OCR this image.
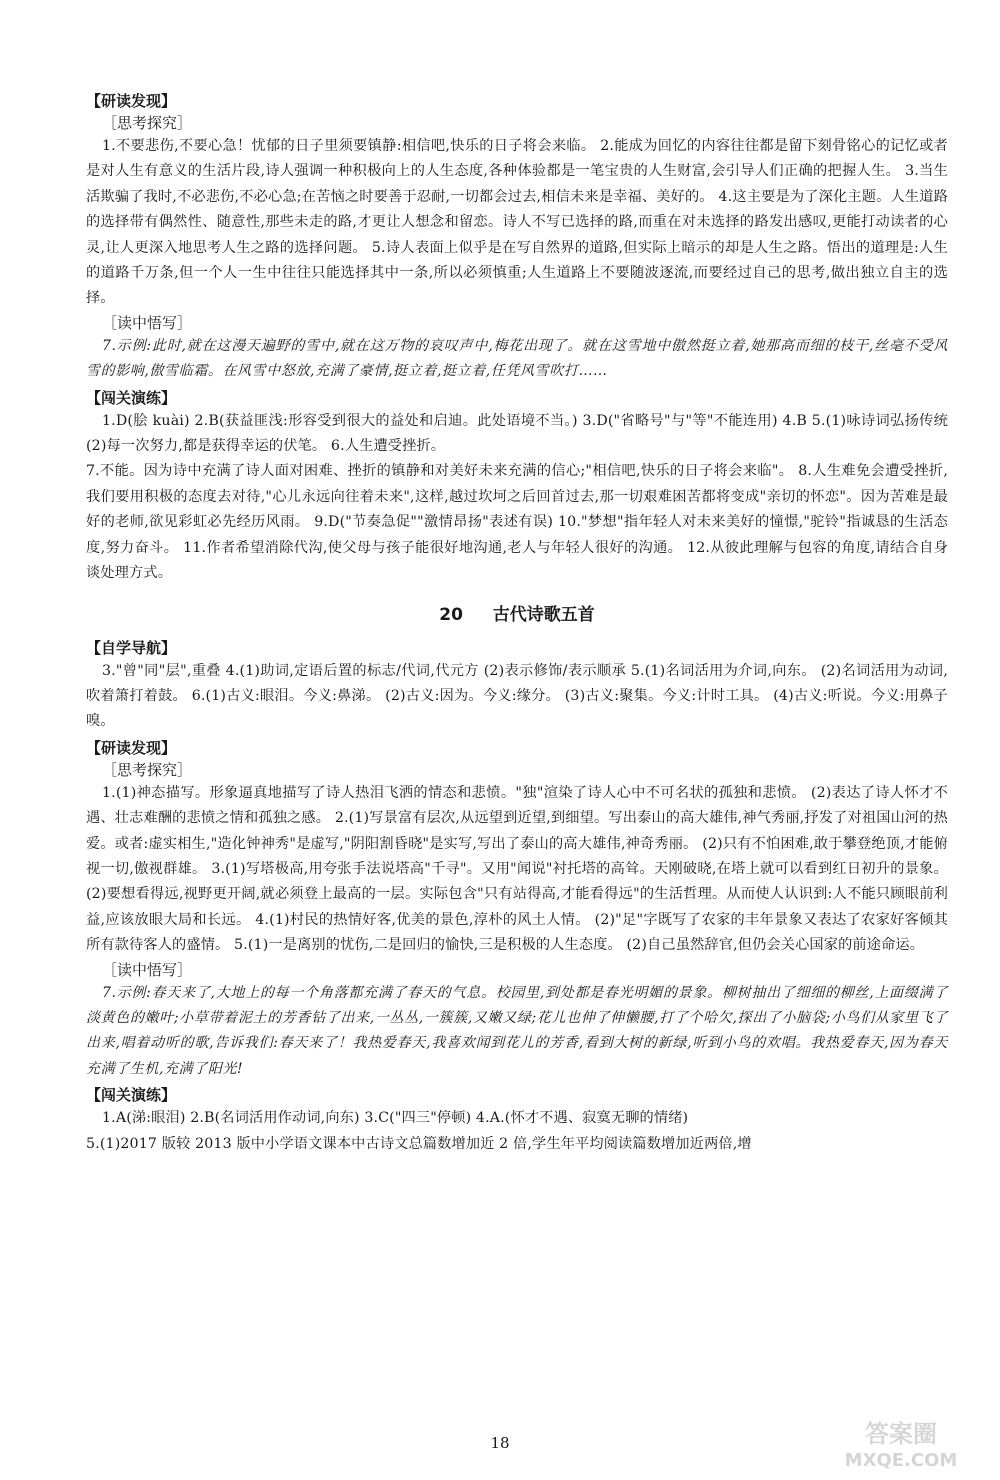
【研读发现】

［思考探究］

1.不要悲伤,不要心急！忧郁的日子里须要镇静:相信吧,快乐的日子将会来临。 2.能成为回忆的内容往往都是留下刻骨铭心的记忆或者是对人生有意义的生活片段,诗人强调一种积极向上的人生态度,各种体验都是一笔宝贵的人生财富,会引导人们正确的把握人生。 3.当生活欺骗了我时,不必悲伤,不必心急;在苦恼之时要善于忍耐,一切都会过去,相信未来是幸福、美好的。 4.这主要是为了深化主题。人生道路的选择带有偶然性、随意性,那些未走的路,才更让人想念和留恋。诗人不写已选择的路,而重在对未选择的路发出感叹,更能打动读者的心灵,让人更深入地思考人生之路的选择问题。 5.诗人表面上似乎是在写自然界的道路,但实际上暗示的却是人生之路。悟出的道理是:人生的道路千万条,但一个人一生中往往只能选择其中一条,所以必须慎重;人生道路上不要随波逐流,而要经过自己的思考,做出独立自主的选择。

［读中悟写］

7.示例:此时,就在这漫天遍野的雪中,就在这万物的哀叹声中,梅花出现了。就在这雪地中傲然挺立着,她那高而细的枝干,丝毫不受风雪的影响,傲雪临霜。在风雪中怒放,充满了豪情,挺立着,挺立着,任凭风雪吹打……

【闯关演练】

1.D(脍 kuài) 2.B(获益匪浅:形容受到很大的益处和启迪。此处语境不当。) 3.D("省略号"与"等"不能连用) 4.B 5.(1)咏诗词弘扬传统 (2)每一次努力,都是获得幸运的伏笔。 6.人生遭受挫折。

7.不能。因为诗中充满了诗人面对困难、挫折的镇静和对美好未来充满的信心;"相信吧,快乐的日子将会来临"。 8.人生难免会遭受挫折,我们要用积极的态度去对待,"心儿永远向往着未来",这样,越过坎坷之后回首过去,那一切艰难困苦都将变成"亲切的怀恋"。因为苦难是最好的老师,欲见彩虹必先经历风雨。 9.D("节奏急促""激情昂扬"表述有误) 10."梦想"指年轻人对未来美好的憧憬,"驼铃"指诚恳的生活态度,努力奋斗。 11.作者希望消除代沟,使父母与孩子能很好地沟通,老人与年轻人很好的沟通。 12.从彼此理解与包容的角度,请结合自身谈处理方式。

20 古代诗歌五首

【自学导航】

3."曾"同"层",重叠 4.(1)助词,定语后置的标志/代词,代元方 (2)表示修饰/表示顺承 5.(1)名词活用为介词,向东。 (2)名词活用为动词,吹着箫打着鼓。 6.(1)古义:眼泪。今义:鼻涕。 (2)古义:因为。今义:缘分。 (3)古义:聚集。今义:计时工具。 (4)古义:听说。今义:用鼻子嗅。

【研读发现】

［思考探究］

1.(1)神态描写。形象逼真地描写了诗人热泪飞洒的情态和悲愤。"独"渲染了诗人心中不可名状的孤独和悲愤。 (2)表达了诗人怀才不遇、壮志难酬的悲愤之情和孤独之感。 2.(1)写景富有层次,从远望到近望,到细望。写出泰山的高大雄伟,神气秀丽,抒发了对祖国山河的热爱。或者:虚实相生,"造化钟神秀"是虚写,"阴阳割昏晓"是实写,写出了泰山的高大雄伟,神奇秀丽。 (2)只有不怕困难,敢于攀登绝顶,才能俯视一切,傲视群雄。 3.(1)写塔极高,用夸张手法说塔高"千寻"。又用"闻说"衬托塔的高耸。天刚破晓,在塔上就可以看到红日初升的景象。 (2)要想看得远,视野更开阔,就必须登上最高的一层。实际包含"只有站得高,才能看得远"的生活哲理。从而使人认识到:人不能只顾眼前利益,应该放眼大局和长远。 4.(1)村民的热情好客,优美的景色,淳朴的风土人情。 (2)"足"字既写了农家的丰年景象又表达了农家好客倾其所有款待客人的盛情。 5.(1)一是离别的忧伤,二是回归的愉快,三是积极的人生态度。 (2)自己虽然辞官,但仍会关心国家的前途命运。

［读中悟写］

7.示例:春天来了,大地上的每一个角落都充满了春天的气息。校园里,到处都是春光明媚的景象。柳树抽出了细细的柳丝,上面缀满了淡黄色的嫩叶;小草带着泥土的芳香钻了出来,一丛丛,一簇簇,又嫩又绿;花儿也伸了伸懒腰,打了个哈欠,探出了小脑袋;小鸟们从家里飞了出来,唱着动听的歌,告诉我们:春天来了！我热爱春天,我喜欢闻到花儿的芳香,看到大树的新绿,听到小鸟的欢唱。我热爱春天,因为春天充满了生机,充满了阳光!

【闯关演练】

1.A(涕:眼泪) 2.B(名词活用作动词,向东) 3.C("四三"停顿) 4.A.(怀才不遇、寂寞无聊的情绪)

5.(1)2017 版较 2013 版中小学语文课本中古诗文总篇数增加近 2 倍,学生年平均阅读篇数增加近两倍,增

18	答案圈
MXQE.COM
